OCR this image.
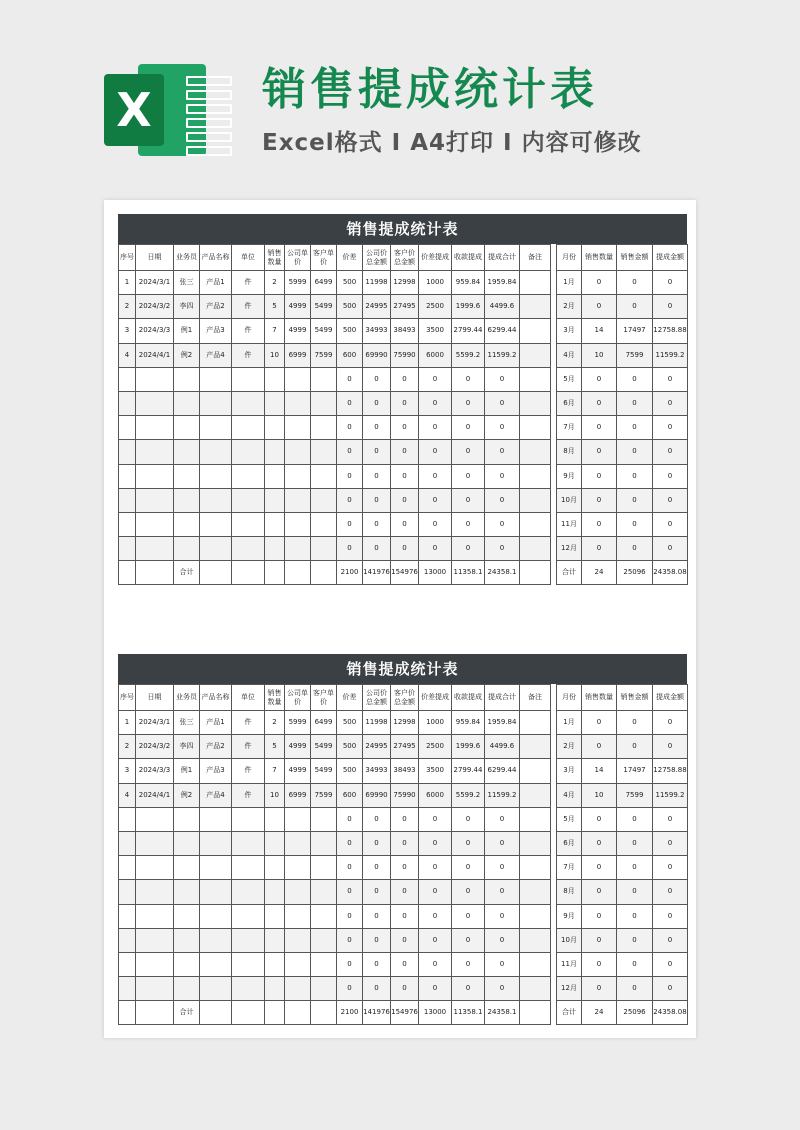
X	销售提成统计表
Excel格式 I A4打印 I 内容可修改
销售提成统计表
序号	日期	业务员	产品名称	单位	销售数量	公司单价	客户单价	价差	公司价总金额	客户价总金额	价差提成	收款提成	提成合计	备注
1	2024/3/1	张三	产品1	件	2	5999	6499	500	11998	12998	1000	959.84	1959.84	
2	2024/3/2	李四	产品2	件	5	4999	5499	500	24995	27495	2500	1999.6	4499.6	
3	2024/3/3	例1	产品3	件	7	4999	5499	500	34993	38493	3500	2799.44	6299.44	
4	2024/4/1	例2	产品4	件	10	6999	7599	600	69990	75990	6000	5599.2	11599.2	
								0	0	0	0	0	0	
								0	0	0	0	0	0	
								0	0	0	0	0	0	
								0	0	0	0	0	0	
								0	0	0	0	0	0	
								0	0	0	0	0	0	
								0	0	0	0	0	0	
								0	0	0	0	0	0	
		合计						2100	141976	154976	13000	11358.1	24358.1	
月份	销售数量	销售金额	提成金额
1月	0	0	0
2月	0	0	0
3月	14	17497	12758.88
4月	10	7599	11599.2
5月	0	0	0
6月	0	0	0
7月	0	0	0
8月	0	0	0
9月	0	0	0
10月	0	0	0
11月	0	0	0
12月	0	0	0
合计	24	25096	24358.08
销售提成统计表
序号	日期	业务员	产品名称	单位	销售数量	公司单价	客户单价	价差	公司价总金额	客户价总金额	价差提成	收款提成	提成合计	备注
1	2024/3/1	张三	产品1	件	2	5999	6499	500	11998	12998	1000	959.84	1959.84	
2	2024/3/2	李四	产品2	件	5	4999	5499	500	24995	27495	2500	1999.6	4499.6	
3	2024/3/3	例1	产品3	件	7	4999	5499	500	34993	38493	3500	2799.44	6299.44	
4	2024/4/1	例2	产品4	件	10	6999	7599	600	69990	75990	6000	5599.2	11599.2	
								0	0	0	0	0	0	
								0	0	0	0	0	0	
								0	0	0	0	0	0	
								0	0	0	0	0	0	
								0	0	0	0	0	0	
								0	0	0	0	0	0	
								0	0	0	0	0	0	
								0	0	0	0	0	0	
		合计						2100	141976	154976	13000	11358.1	24358.1	
月份	销售数量	销售金额	提成金额
1月	0	0	0
2月	0	0	0
3月	14	17497	12758.88
4月	10	7599	11599.2
5月	0	0	0
6月	0	0	0
7月	0	0	0
8月	0	0	0
9月	0	0	0
10月	0	0	0
11月	0	0	0
12月	0	0	0
合计	24	25096	24358.08
